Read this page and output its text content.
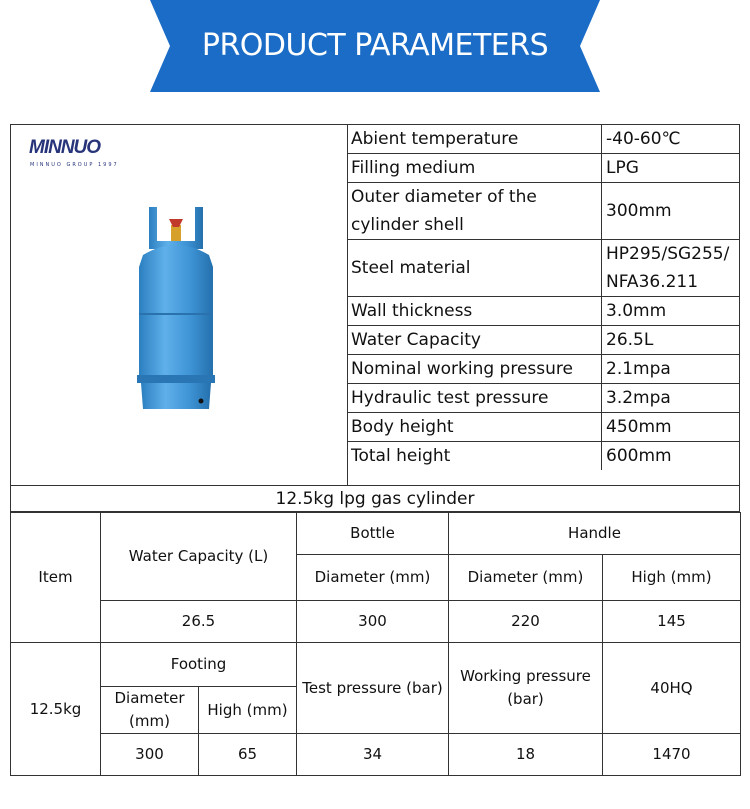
PRODUCT PARAMETERS
MINNUO
MINNUO GROUP 1997
Abient temperature	-40-60℃
Filling medium	LPG
Outer diameter of the cylinder shell	300mm
Steel material	HP295/SG255/ NFA36.211
Wall thickness	3.0mm
Water Capacity	26.5L
Nominal working pressure	2.1mpa
Hydraulic test pressure	3.2mpa
Body height	450mm
Total height	600mm
12.5kg lpg gas cylinder
Item	Water Capacity (L)		Bottle	Handle	
			Diameter (mm)	Diameter (mm)	High (mm)
	26.5		300	220	145
12.5kg	Footing		Test pressure (bar)	Working pressure (bar)	40HQ
	Diameter (mm)	High (mm)			
	300	65	34	18	1470
